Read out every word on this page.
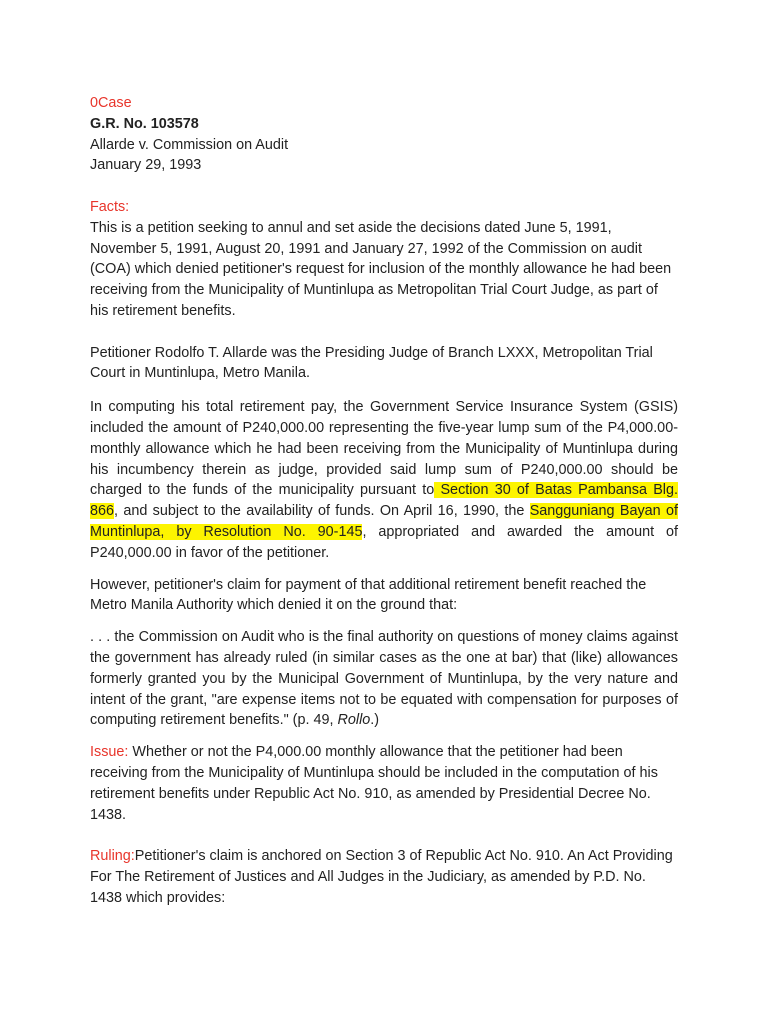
0Case
G.R. No. 103578
Allarde v. Commission on Audit
January 29, 1993
Facts:

This is a petition seeking to annul and set aside the decisions dated June 5, 1991, November 5, 1991, August 20, 1991 and January 27, 1992 of the Commission on audit (COA) which denied petitioner's request for inclusion of the monthly allowance he had been receiving from the Municipality of Muntinlupa as Metropolitan Trial Court Judge, as part of his retirement benefits.

Petitioner Rodolfo T. Allarde was the Presiding Judge of Branch LXXX, Metropolitan Trial Court in Muntinlupa, Metro Manila.

In computing his total retirement pay, the Government Service Insurance System (GSIS) included the amount of P240,000.00 representing the five-year lump sum of the P4,000.00-monthly allowance which he had been receiving from the Municipality of Muntinlupa during his incumbency therein as judge, provided said lump sum of P240,000.00 should be charged to the funds of the municipality pursuant to Section 30 of Batas Pambansa Blg. 866, and subject to the availability of funds. On April 16, 1990, the Sangguniang Bayan of Muntinlupa, by Resolution No. 90-145, appropriated and awarded the amount of P240,000.00 in favor of the petitioner.

However, petitioner's claim for payment of that additional retirement benefit reached the Metro Manila Authority which denied it on the ground that:

. . . the Commission on Audit who is the final authority on questions of money claims against the government has already ruled (in similar cases as the one at bar) that (like) allowances formerly granted you by the Municipal Government of Muntinlupa, by the very nature and intent of the grant, "are expense items not to be equated with compensation for purposes of computing retirement benefits." (p. 49, Rollo.)

Issue: Whether or not the P4,000.00 monthly allowance that the petitioner had been receiving from the Municipality of Muntinlupa should be included in the computation of his retirement benefits under Republic Act No. 910, as amended by Presidential Decree No. 1438.

Ruling:Petitioner's claim is anchored on Section 3 of Republic Act No. 910. An Act Providing For The Retirement of Justices and All Judges in the Judiciary, as amended by P.D. No. 1438 which provides:
